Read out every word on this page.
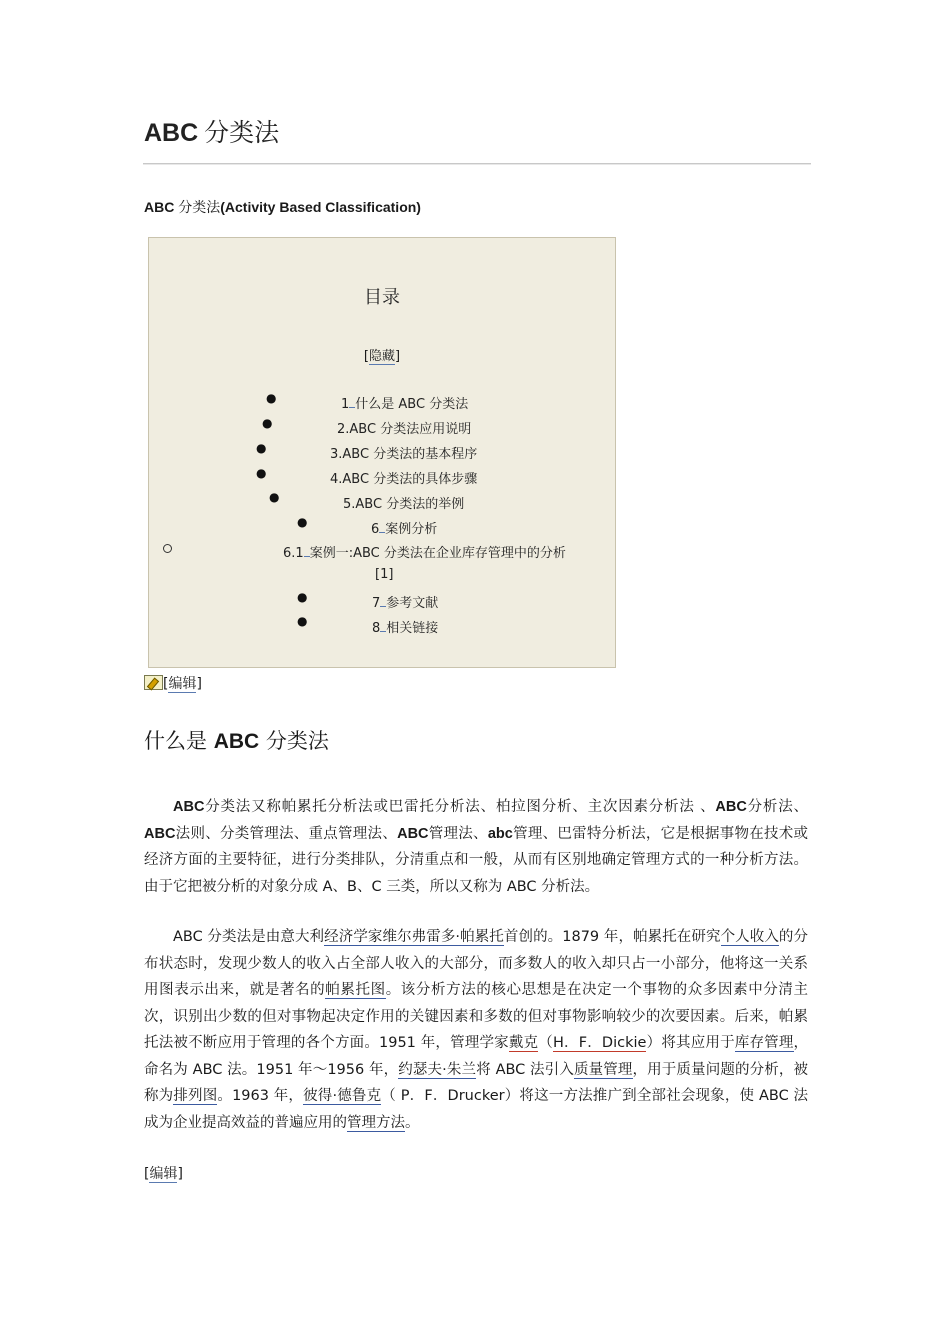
ABC 分类法
ABC 分类法(Activity Based Classification)
目录
[隐藏]
●	1 什么是 ABC 分类法
●	2.ABC 分类法应用说明
●	3.ABC 分类法的基本程序
●	4.ABC 分类法的具体步骤
●	5.ABC 分类法的举例
●	6 案例分析
6.1 案例一:ABC 分类法在企业库存管理中的分析
[1]
●	7 参考文献
●	8 相关链接
[编辑]
什么是 ABC 分类法

ABC分类法又称帕累托分析法或巴雷托分析法、柏拉图分析、主次因素分析法 、ABC分析法、ABC法则、分类管理法、重点管理法、ABC管理法、abc管理、巴雷特分析法，它是根据事物在技术或经济方面的主要特征，进行分类排队，分清重点和一般，从而有区别地确定管理方式的一种分析方法。由于它把被分析的对象分成 A、B、C 三类，所以又称为 ABC 分析法。

ABC 分类法是由意大利经济学家维尔弗雷多·帕累托首创的。1879 年，帕累托在研究个人收入的分布状态时，发现少数人的收入占全部人收入的大部分，而多数人的收入却只占一小部分，他将这一关系用图表示出来，就是著名的帕累托图。该分析方法的核心思想是在决定一个事物的众多因素中分清主次，识别出少数的但对事物起决定作用的关键因素和多数的但对事物影响较少的次要因素。后来，帕累托法被不断应用于管理的各个方面。1951 年，管理学家戴克（H．F．Dickie）将其应用于库存管理，命名为 ABC 法。1951 年～1956 年，约瑟夫·朱兰将 ABC 法引入质量管理，用于质量问题的分析，被称为排列图。1963 年，彼得·德鲁克（ P．F．Drucker）将这一方法推广到全部社会现象，使 ABC 法成为企业提高效益的普遍应用的管理方法。

[编辑]
